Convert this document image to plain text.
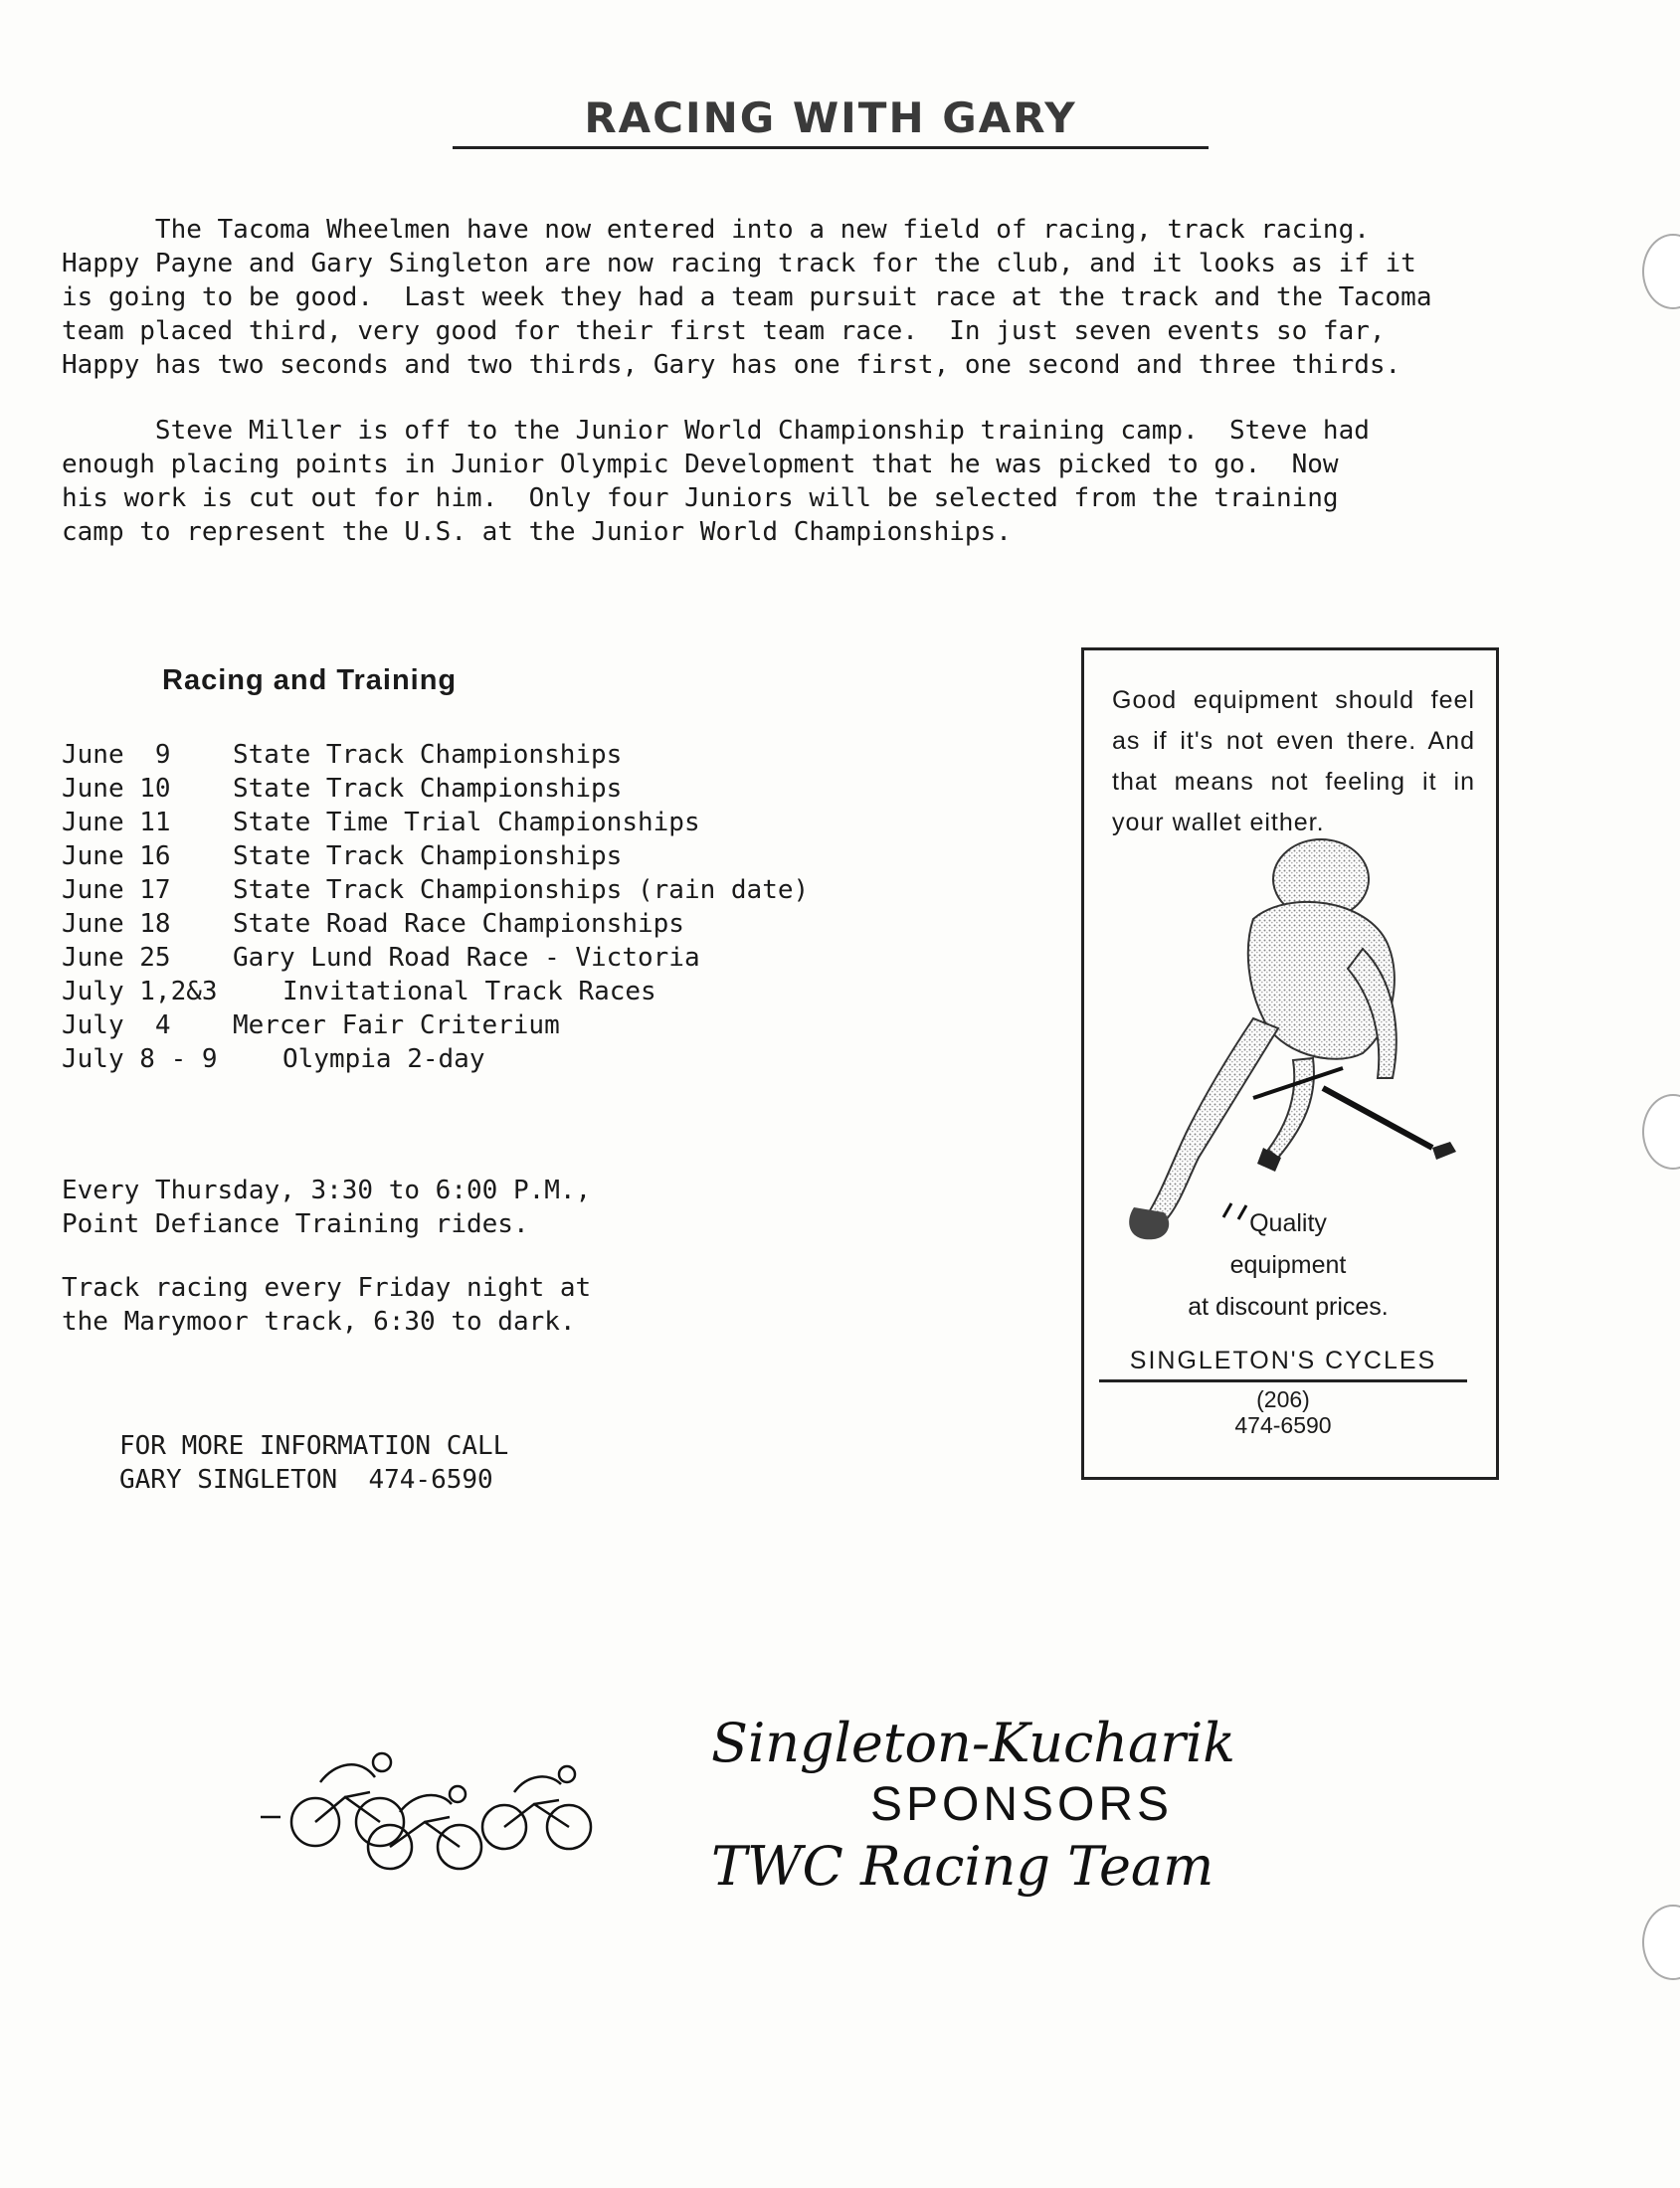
RACING WITH GARY

The Tacoma Wheelmen have now entered into a new field of racing, track racing.
Happy Payne and Gary Singleton are now racing track for the club, and it looks as if it
is going to be good.  Last week they had a team pursuit race at the track and the Tacoma
team placed third, very good for their first team race.  In just seven events so far,
Happy has two seconds and two thirds, Gary has one first, one second and three thirds.

Steve Miller is off to the Junior World Championship training camp.  Steve had
enough placing points in Junior Olympic Development that he was picked to go.  Now
his work is cut out for him.  Only four Juniors will be selected from the training
camp to represent the U.S. at the Junior World Championships.

Racing and Training
June  9 State Track Championships
June 10 State Track Championships
June 11 State Time Trial Championships
June 16 State Track Championships
June 17 State Track Championships (rain date)
June 18 State Road Race Championships
June 25 Gary Lund Road Race - Victoria
July 1,2&3	Invitational Track Races
July  4 Mercer Fair Criterium
July 8 - 9	Olympia 2-day
Every Thursday, 3:30 to 6:00 P.M.,
Point Defiance Training rides.
Track racing every Friday night at
the Marymoor track, 6:30 to dark.
FOR MORE INFORMATION CALL
GARY SINGLETON  474-6590
Good equipment should feel as if it's not even there. And that means not feeling it in your wallet either.
Quality
equipment
at discount prices.
SINGLETON'S CYCLES
(206)
474-6590
Singleton-Kucharik
SPONSORS
TWC Racing Team
